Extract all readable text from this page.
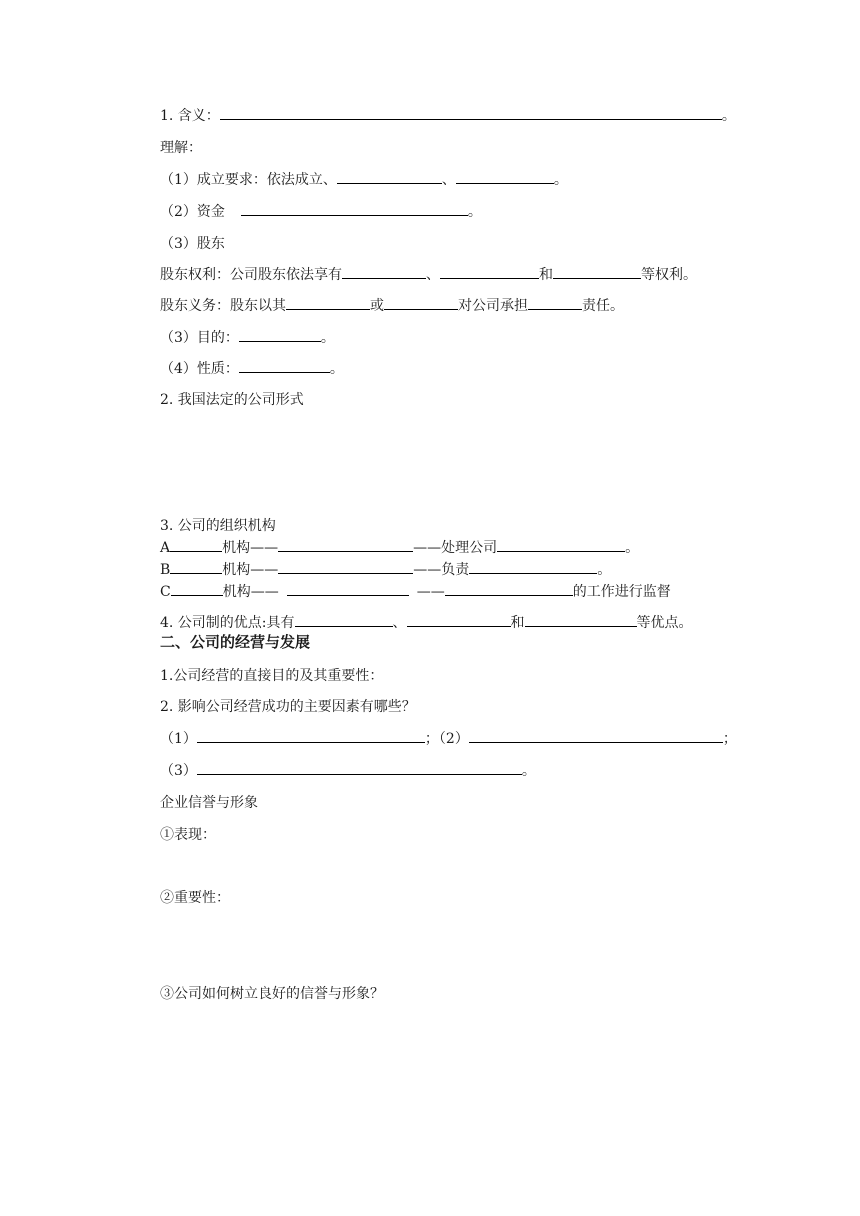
1. 含义：	。
理解：
（1）成立要求：依法成立、	、	。
（2）资金	。
（3）股东
股东权利：公司股东依法享有	、	和	等权利。
股东义务：股东以其	或	对公司承担	责任。
（3）目的：	。
（4）性质：	。
2. 我国法定的公司形式
3. 公司的组织机构
A	机构——	——处理公司	。
B	机构——	——负责	。
C	机构——	——	的工作进行监督
4. 公司制的优点:具有	、	和	等优点。
二、公司的经营与发展
1.公司经营的直接目的及其重要性：
2. 影响公司经营成功的主要因素有哪些？
（1）	；（2）	；
（3）	。
企业信誉与形象
①表现：
②重要性：
③公司如何树立良好的信誉与形象？
